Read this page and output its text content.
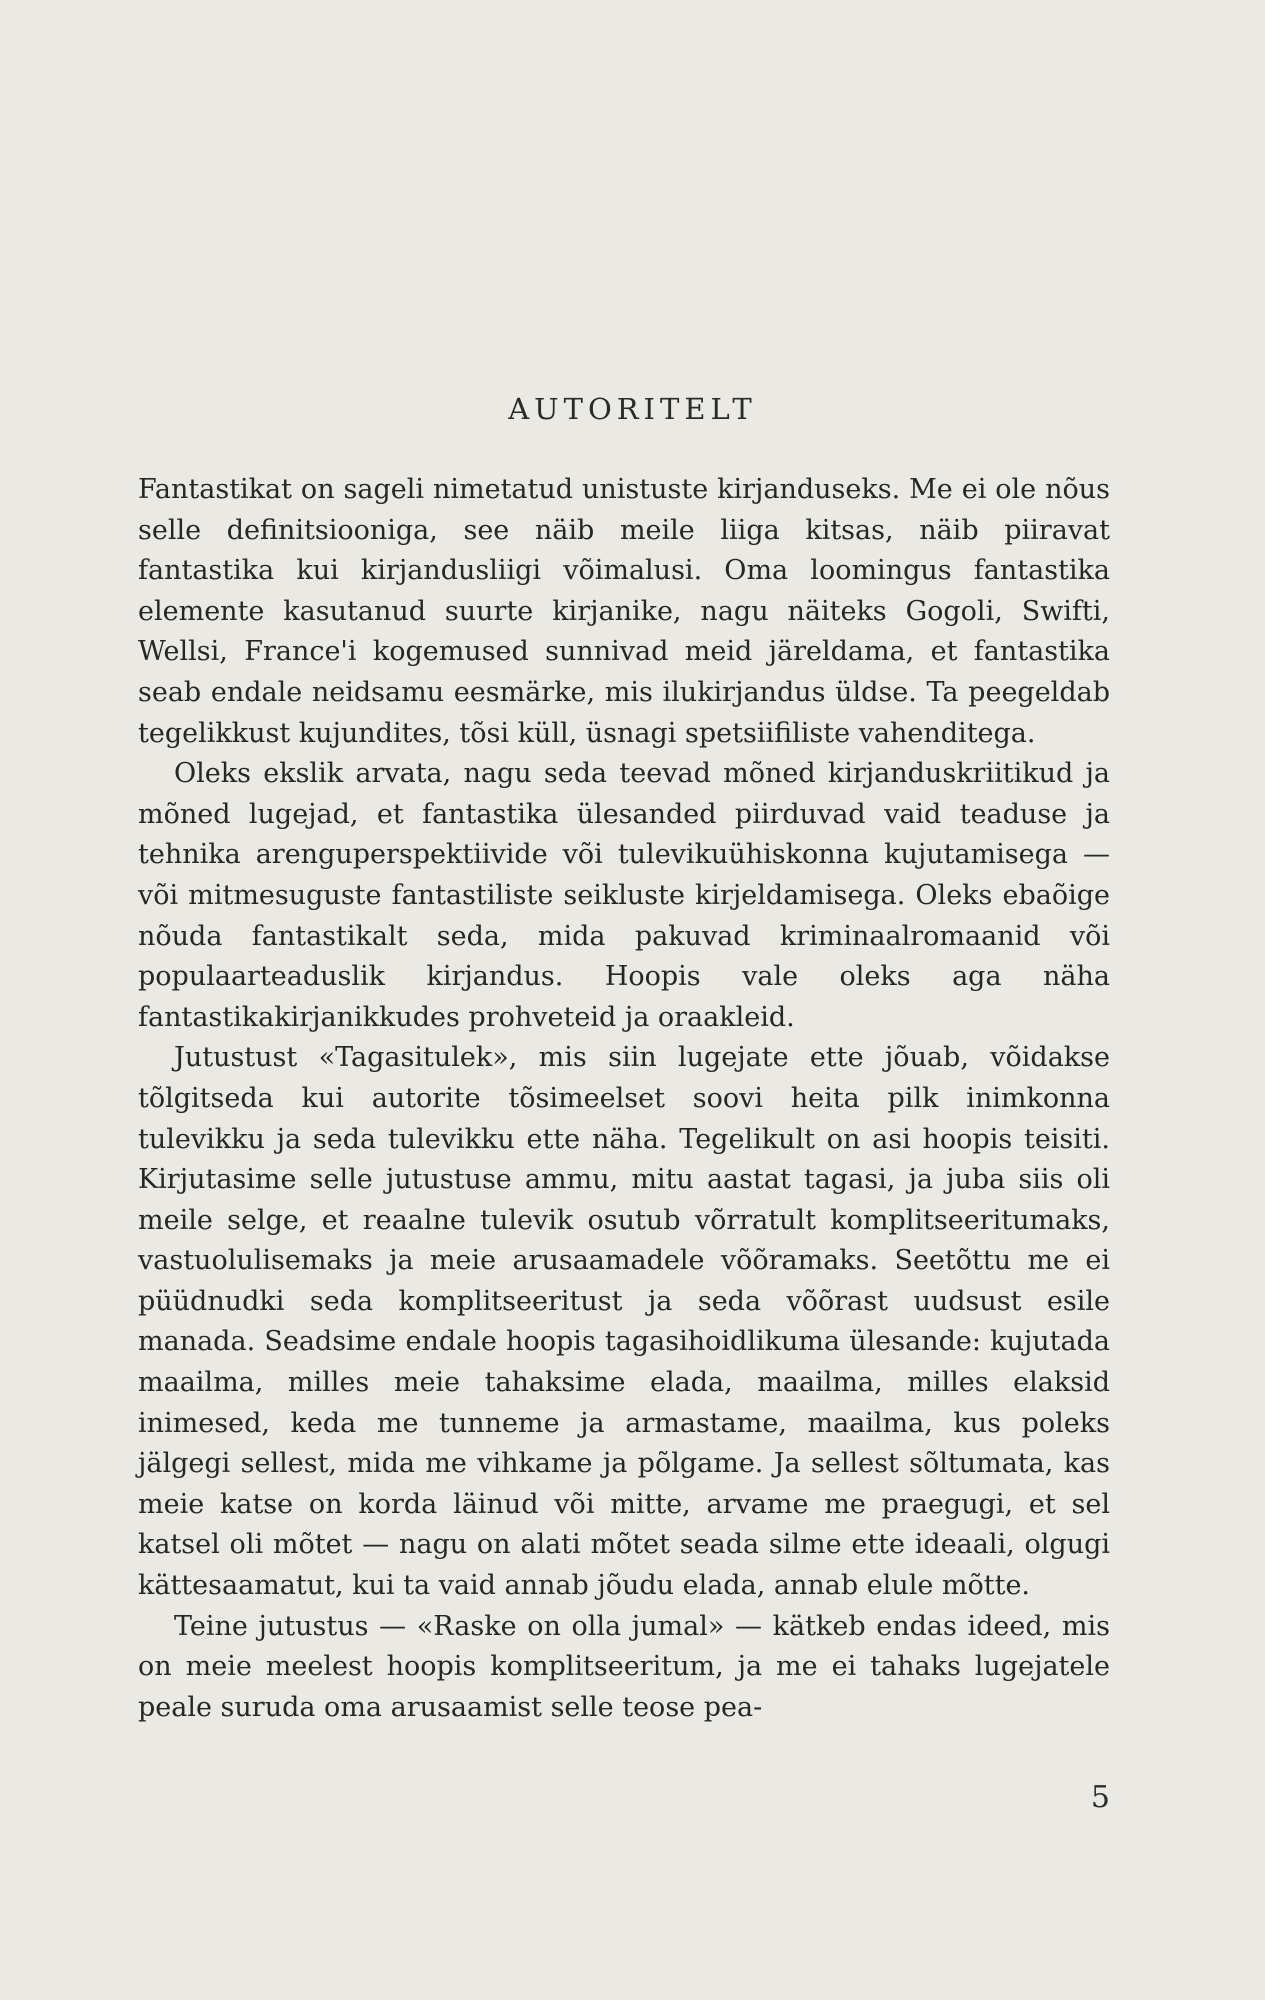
AUTORITELT

Fantastikat on sageli nimetatud unistuste kirjanduseks. Me ei ole nõus selle definitsiooniga, see näib meile liiga kitsas, näib piiravat fantastika kui kirjandusliigi võimalusi. Oma loomingus fantastika elemente kasutanud suurte kirjanike, nagu näiteks Gogoli, Swifti, Wellsi, France'i kogemused sunnivad meid järeldama, et fantastika seab endale neidsamu eesmärke, mis ilukirjandus üldse. Ta peegeldab tegelikkust kujundites, tõsi küll, üsnagi spetsiifiliste vahenditega.

Oleks ekslik arvata, nagu seda teevad mõned kirjanduskriitikud ja mõned lugejad, et fantastika ülesanded piirduvad vaid teaduse ja tehnika arenguperspektiivide või tulevikuühiskonna kujutamisega — või mitmesuguste fantastiliste seikluste kirjeldamisega. Oleks ebaõige nõuda fantastikalt seda, mida pakuvad kriminaalromaanid või populaarteaduslik kirjandus. Hoopis vale oleks aga näha fantastikakirjanikkudes prohveteid ja oraakleid.

Jutustust «Tagasitulek», mis siin lugejate ette jõuab, võidakse tõlgitseda kui autorite tõsimeelset soovi heita pilk inimkonna tulevikku ja seda tulevikku ette näha. Tegelikult on asi hoopis teisiti. Kirjutasime selle jutustuse ammu, mitu aastat tagasi, ja juba siis oli meile selge, et reaalne tulevik osutub võrratult komplitseeritumaks, vastuolulisemaks ja meie arusaamadele võõramaks. Seetõttu me ei püüdnudki seda komplitseeritust ja seda võõrast uudsust esile manada. Seadsime endale hoopis tagasihoidlikuma ülesande: kujutada maailma, milles meie tahaksime elada, maailma, milles elaksid inimesed, keda me tunneme ja armastame, maailma, kus poleks jälgegi sellest, mida me vihkame ja põlgame. Ja sellest sõltumata, kas meie katse on korda läinud või mitte, arvame me praegugi, et sel katsel oli mõtet — nagu on alati mõtet seada silme ette ideaali, olgugi kättesaamatut, kui ta vaid annab jõudu elada, annab elule mõtte.

Teine jutustus — «Raske on olla jumal» — kätkeb endas ideed, mis on meie meelest hoopis komplitseeritum, ja me ei tahaks lugejatele peale suruda oma arusaamist selle teose pea-

5
